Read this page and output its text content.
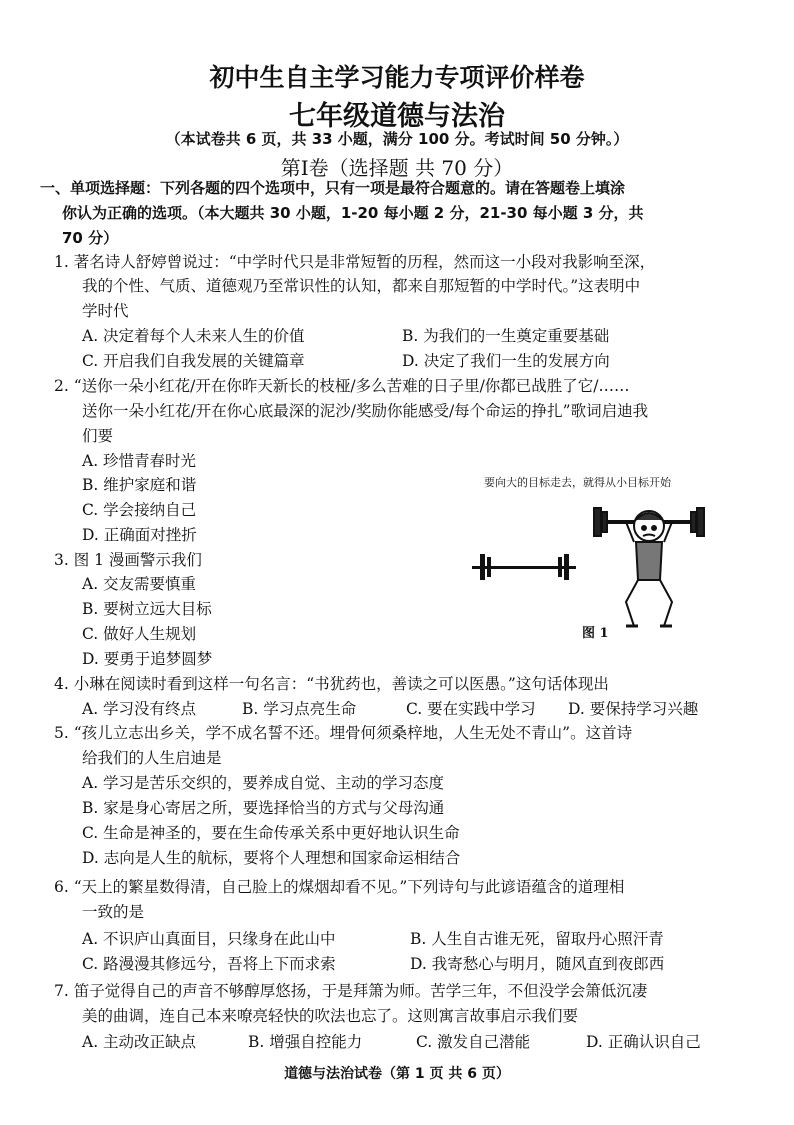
初中生自主学习能力专项评价样卷
七年级道德与法治
（本试卷共 6 页，共 33 小题，满分 100 分。考试时间 50 分钟。）
第Ⅰ卷（选择题 共 70 分）
一、单项选择题：下列各题的四个选项中，只有一项是最符合题意的。请在答题卷上填涂
你认为正确的选项。（本大题共 30 小题，1-20 每小题 2 分，21-30 每小题 3 分，共
70 分）
1. 著名诗人舒婷曾说过：“中学时代只是非常短暂的历程，然而这一小段对我影响至深，
我的个性、气质、道德观乃至常识性的认知，都来自那短暂的中学时代。”这表明中
学时代
A. 决定着每个人未来人生的价值	B. 为我们的一生奠定重要基础
C. 开启我们自我发展的关键篇章	D. 决定了我们一生的发展方向
2. “送你一朵小红花/开在你昨天新长的枝桠/多么苦难的日子里/你都已战胜了它/……
送你一朵小红花/开在你心底最深的泥沙/奖励你能感受/每个命运的挣扎”歌词启迪我
们要
A. 珍惜青春时光
B. 维护家庭和谐
C. 学会接纳自己
D. 正确面对挫折
3. 图 1 漫画警示我们
A. 交友需要慎重
B. 要树立远大目标
C. 做好人生规划
D. 要勇于追梦圆梦
要向大的目标走去，就得从小目标开始
图 1
4. 小琳在阅读时看到这样一句名言：“书犹药也，善读之可以医愚。”这句话体现出
A. 学习没有终点	B. 学习点亮生命	C. 要在实践中学习 D. 要保持学习兴趣
5. “孩儿立志出乡关，学不成名誓不还。埋骨何须桑梓地，人生无处不青山”。这首诗
给我们的人生启迪是
A. 学习是苦乐交织的，要养成自觉、主动的学习态度
B. 家是身心寄居之所，要选择恰当的方式与父母沟通
C. 生命是神圣的，要在生命传承关系中更好地认识生命
D. 志向是人生的航标，要将个人理想和国家命运相结合
6. “天上的繁星数得清，自己脸上的煤烟却看不见。”下列诗句与此谚语蕴含的道理相
一致的是
A. 不识庐山真面目，只缘身在此山中	B. 人生自古谁无死，留取丹心照汗青
C. 路漫漫其修远兮，吾将上下而求索	D. 我寄愁心与明月，随风直到夜郎西
7. 笛子觉得自己的声音不够醇厚悠扬，于是拜箫为师。苦学三年，不但没学会箫低沉凄
美的曲调，连自己本来嘹亮轻快的吹法也忘了。这则寓言故事启示我们要
A. 主动改正缺点	B. 增强自控能力	C. 激发自己潜能	D. 正确认识自己
道德与法治试卷（第 1 页 共 6 页）
